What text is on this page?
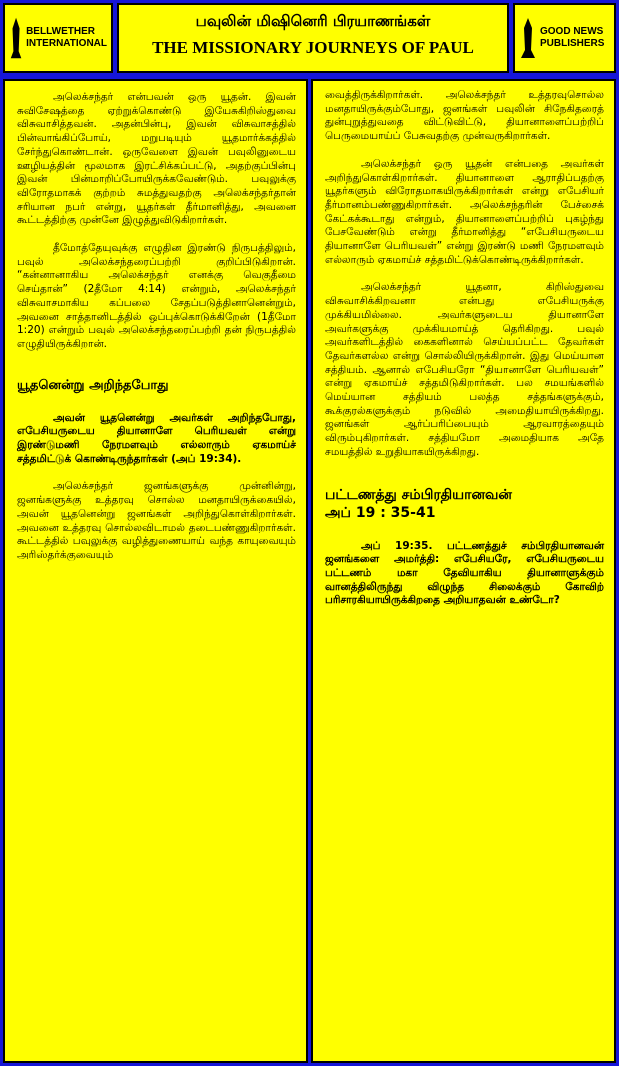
BELLWETHER
INTERNATIONAL
பவுலின் மிஷினெரி பிரயாணங்கள்
THE MISSIONARY JOURNEYS OF PAUL
GOOD NEWS
PUBLISHERS

அலெக்சந்தர் என்பவன் ஒரு யூதன். இவன் சுவிசேஷத்தை ஏற்றுக்கொண்டு இயேசுகிறிஸ்துவை விசுவாசித்தவன். அதன்பின்பு, இவன் விசுவாசத்தில் பின்வாங்கிப்போய், மறுபடியும் யூதமார்க்கத்தில் சேர்ந்துகொண்டான். ஒருவேளை இவன் பவுலினுடைய ஊழியத்தின் மூலமாக இரட்சிக்கப்பட்டு, அதற்குப்பின்பு இவன் பின்மாறிப்போயிருக்கவேண்டும். பவுலுக்கு விரோதமாகக் குற்றம் சுமத்துவதற்கு அலெக்சந்தர்தான் சரியான நபர் என்று, யூதர்கள் தீர்மானித்து, அவனை கூட்டத்திற்கு முன்னே இழுத்துவிடுகிறார்கள்.

தீமோத்தேயுவுக்கு எழுதின இரண்டு நிருபத்திலும், பவுல் அலெக்சந்தரைப்பற்றி குறிப்பிடுகிறான். “கன்னானாகிய அலெக்சந்தர் எனக்கு வெகுதீமை செய்தான்” (2தீமோ 4:14) என்றும், அலெக்சந்தர் விசுவாசமாகிய கப்பலை சேதப்படுத்தினானென்றும், அவனை சாத்தானிடத்தில் ஒப்புக்கொடுக்கிறேன் (1தீமோ 1:20) என்றும் பவுல் அலெக்சந்தரைப்பற்றி தன் நிருபத்தில் எழுதியிருக்கிறான்.

யூதனென்று அறிந்தபோது

அவன் யூதனென்று அவர்கள் அறிந்தபோது, எபேசியருடைய தியானாளே பெரியவள் என்று இரண்டுமணி நேரமளவும் எல்லாரும் ஏகமாய்ச் சத்தமிட்டுக் கொண்டிருந்தார்கள் (அப் 19:34).

அலெக்சந்தர் ஜனங்களுக்கு முன்னின்று, ஜனங்களுக்கு உத்தரவு சொல்ல மனதாயிருக்கையில், அவன் யூதனென்று ஜனங்கள் அறிந்துகொள்கிறார்கள். அவனை உத்தரவு சொல்லவிடாமல் தடைபண்ணுகிறார்கள். கூட்டத்தில் பவுலுக்கு வழித்துணையாய் வந்த காயுவையும் அரிஸ்தர்க்குவையும்

வைத்திருக்கிறார்கள். அலெக்சந்தர் உத்தரவுசொல்ல மனதாயிருக்கும்போது, ஜனங்கள் பவுலின் சிநேகிதரைத் துன்புறுத்துவதை விட்டுவிட்டு, தியானாளைப்பற்றிப் பெருமையாய்ப் பேசுவதற்கு முன்வருகிறார்கள்.

அலெக்சந்தர் ஒரு யூதன் என்பதை அவர்கள் அறிந்துகொள்கிறார்கள். தியானாளை ஆராதிப்பதற்கு யூதர்களும் விரோதமாகயிருக்கிறார்கள் என்று எபேசியர் தீர்மானம்பண்ணுகிறார்கள். அலெக்சந்தரின் பேச்சைக் கேட்கக்கூடாது என்றும், தியானாளைப்பற்றிப் புகழ்ந்து பேசவேண்டும் என்று தீர்மானித்து “எபேசியருடைய தியானாளே பெரியவள்” என்று இரண்டு மணி நேரமளவும் எல்லாரும் ஏகமாய்ச் சத்தமிட்டுக்கொண்டிருக்கிறார்கள்.

அலெக்சந்தர் யூதனா, கிறிஸ்துவை விசுவாசிக்கிறவனா என்பது எபேசியருக்கு முக்கியமில்லை. அவர்களுடைய தியானாளே அவர்களுக்கு முக்கியமாய்த் தெரிகிறது. பவுல் அவர்களிடத்தில் கைகளினால் செய்யப்பட்ட தேவர்கள் தேவர்களல்ல என்று சொல்லியிருக்கிறான். இது மெய்யான சத்தியம். ஆனால் எபேசியரோ “தியானாளே பெரியவள்” என்று ஏகமாய்ச் சத்தமிடுகிறார்கள். பல சமயங்களில் மெய்யான சத்தியம் பலத்த சத்தங்களுக்கும், கூக்குரல்களுக்கும் நடுவில் அமைதியாயிருக்கிறது. ஜனங்கள் ஆர்ப்பரிப்பையும் ஆரவாரத்தையும் விரும்புகிறார்கள். சத்தியமோ அமைதியாக அதே சமயத்தில் உறுதியாகயிருக்கிறது.

பட்டணத்து சம்பிரதியானவன்
அப் 19 : 35-41

அப் 19:35. பட்டணத்துச் சம்பிரதியானவன் ஜனங்களை அமர்த்தி: எபேசியரே, எபேசியருடைய பட்டணம் மகா தேவியாகிய தியானாளுக்கும் வானத்திலிருந்து விழுந்த சிலைக்கும் கோவிற் பரிசாரகியாயிருக்கிறதை அறியாதவன் உண்டோ?
